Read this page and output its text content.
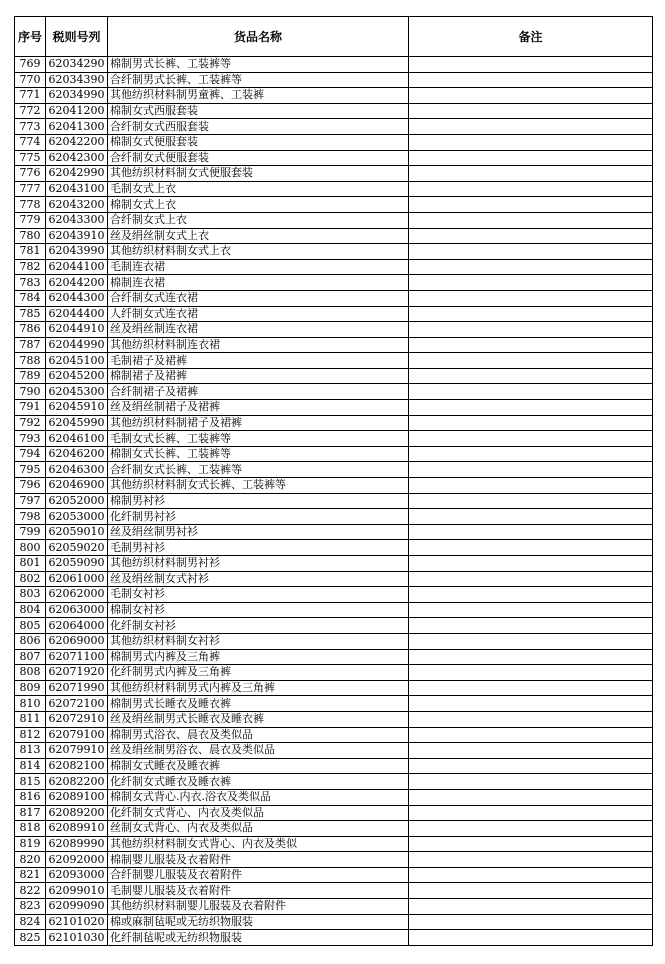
序号	税则号列	货品名称	备注
769	62034290	棉制男式长裤、工装裤等	
770	62034390	合纤制男式长裤、工装裤等	
771	62034990	其他纺织材料制男童裤、工装裤	
772	62041200	棉制女式西服套装	
773	62041300	合纤制女式西服套装	
774	62042200	棉制女式便服套装	
775	62042300	合纤制女式便服套装	
776	62042990	其他纺织材料制女式便服套装	
777	62043100	毛制女式上衣	
778	62043200	棉制女式上衣	
779	62043300	合纤制女式上衣	
780	62043910	丝及绢丝制女式上衣	
781	62043990	其他纺织材料制女式上衣	
782	62044100	毛制连衣裙	
783	62044200	棉制连衣裙	
784	62044300	合纤制女式连衣裙	
785	62044400	人纤制女式连衣裙	
786	62044910	丝及绢丝制连衣裙	
787	62044990	其他纺织材料制连衣裙	
788	62045100	毛制裙子及裙裤	
789	62045200	棉制裙子及裙裤	
790	62045300	合纤制裙子及裙裤	
791	62045910	丝及绢丝制裙子及裙裤	
792	62045990	其他纺织材料制裙子及裙裤	
793	62046100	毛制女式长裤、工装裤等	
794	62046200	棉制女式长裤、工装裤等	
795	62046300	合纤制女式长裤、工装裤等	
796	62046900	其他纺织材料制女式长裤、工装裤等	
797	62052000	棉制男衬衫	
798	62053000	化纤制男衬衫	
799	62059010	丝及绢丝制男衬衫	
800	62059020	毛制男衬衫	
801	62059090	其他纺织材料制男衬衫	
802	62061000	丝及绢丝制女式衬衫	
803	62062000	毛制女衬衫	
804	62063000	棉制女衬衫	
805	62064000	化纤制女衬衫	
806	62069000	其他纺织材料制女衬衫	
807	62071100	棉制男式内裤及三角裤	
808	62071920	化纤制男式内裤及三角裤	
809	62071990	其他纺织材料制男式内裤及三角裤	
810	62072100	棉制男式长睡衣及睡衣裤	
811	62072910	丝及绢丝制男式长睡衣及睡衣裤	
812	62079100	棉制男式浴衣、晨衣及类似品	
813	62079910	丝及绢丝制男浴衣、晨衣及类似品	
814	62082100	棉制女式睡衣及睡衣裤	
815	62082200	化纤制女式睡衣及睡衣裤	
816	62089100	棉制女式背心.内衣.浴衣及类似品	
817	62089200	化纤制女式背心、内衣及类似品	
818	62089910	丝制女式背心、内衣及类似品	
819	62089990	其他纺织材料制女式背心、内衣及类似	
820	62092000	棉制婴儿服装及衣着附件	
821	62093000	合纤制婴儿服装及衣着附件	
822	62099010	毛制婴儿服装及衣着附件	
823	62099090	其他纺织材料制婴儿服装及衣着附件	
824	62101020	棉或麻制毡呢或无纺织物服装	
825	62101030	化纤制毡呢或无纺织物服装	
